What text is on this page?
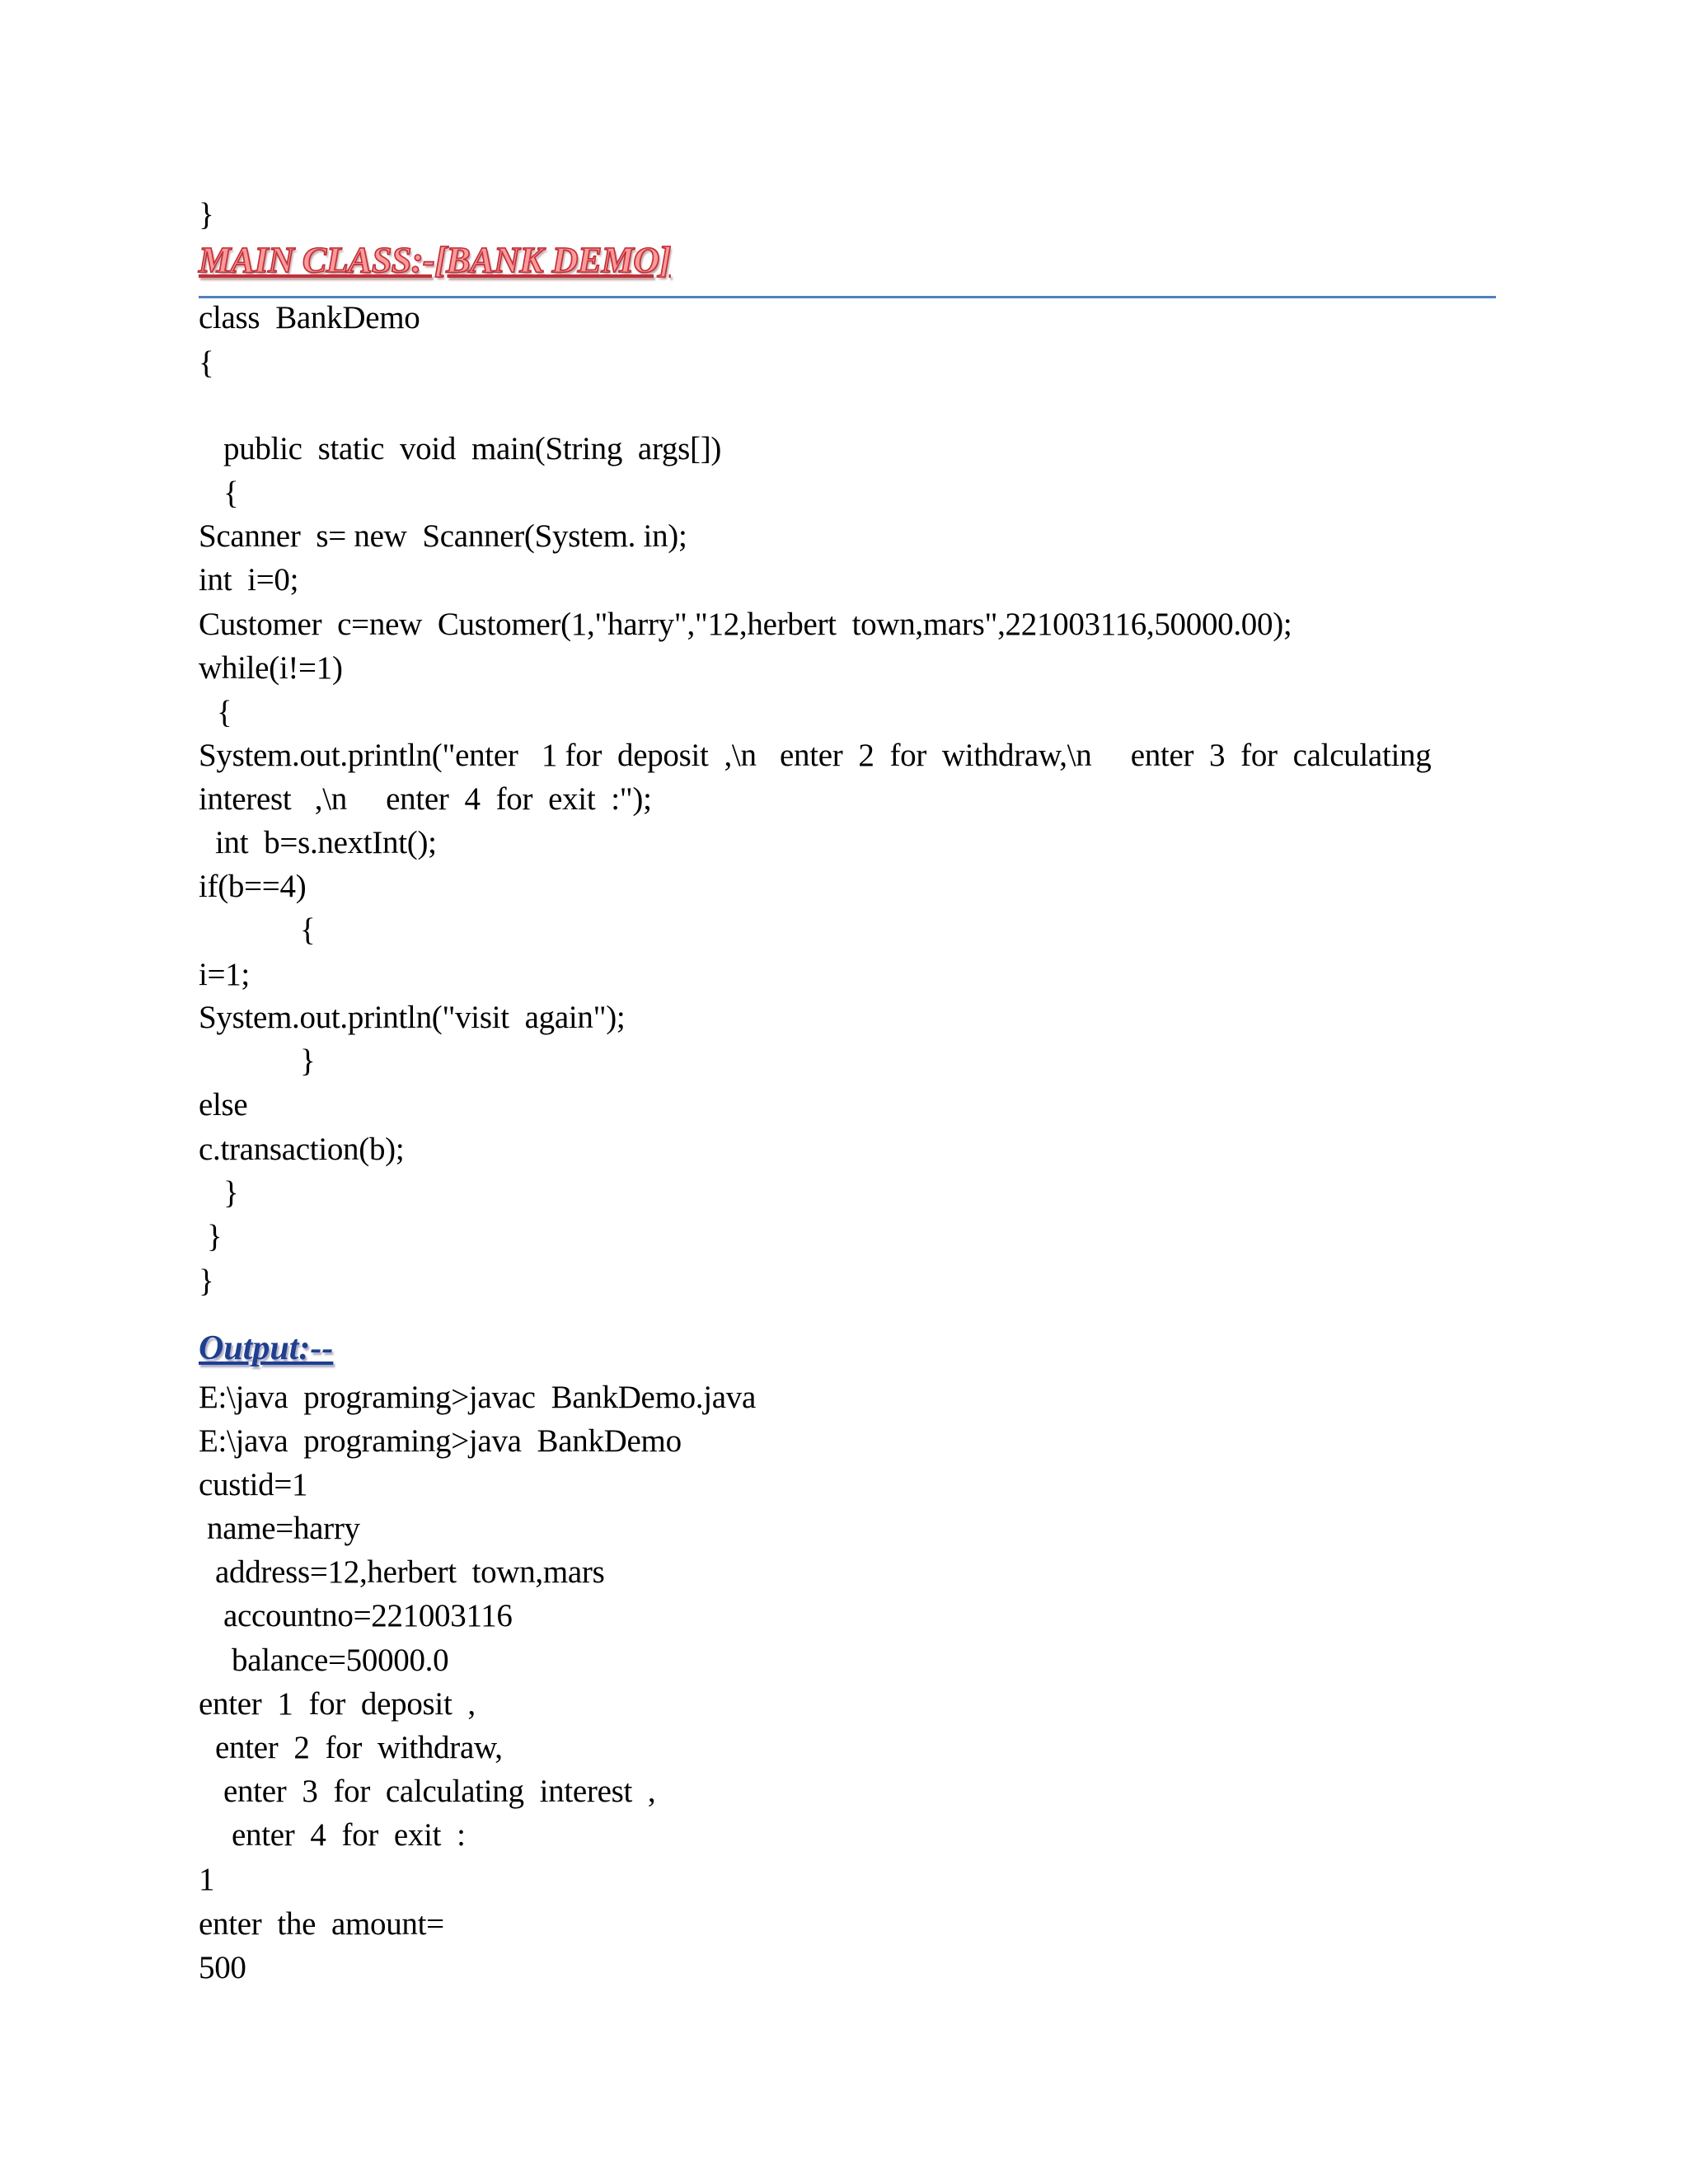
}
MAIN CLASS:-[BANK DEMO]
class  BankDemo
{
public  static  void  main(String  args[])
{
Scanner  s= new  Scanner(System. in);
int  i=0;
Customer  c=new  Customer(1,"harry","12,herbert  town,mars",221003116,50000.00);
while(i!=1)
{
System.out.println("enter   1 for  deposit  ,\n   enter  2  for  withdraw,\n     enter  3  for  calculating
interest   ,\n     enter  4  for  exit  :");
int  b=s.nextInt();
if(b==4)
{
i=1;
System.out.println("visit  again");
}
else
c.transaction(b);
}
}
}
Output:--
E:\java  programing>javac  BankDemo.java
E:\java  programing>java  BankDemo
custid=1
name=harry
address=12,herbert  town,mars
accountno=221003116
balance=50000.0
enter  1  for  deposit  ,
enter  2  for  withdraw,
enter  3  for  calculating  interest  ,
enter  4  for  exit  :
1
enter  the  amount=
500
